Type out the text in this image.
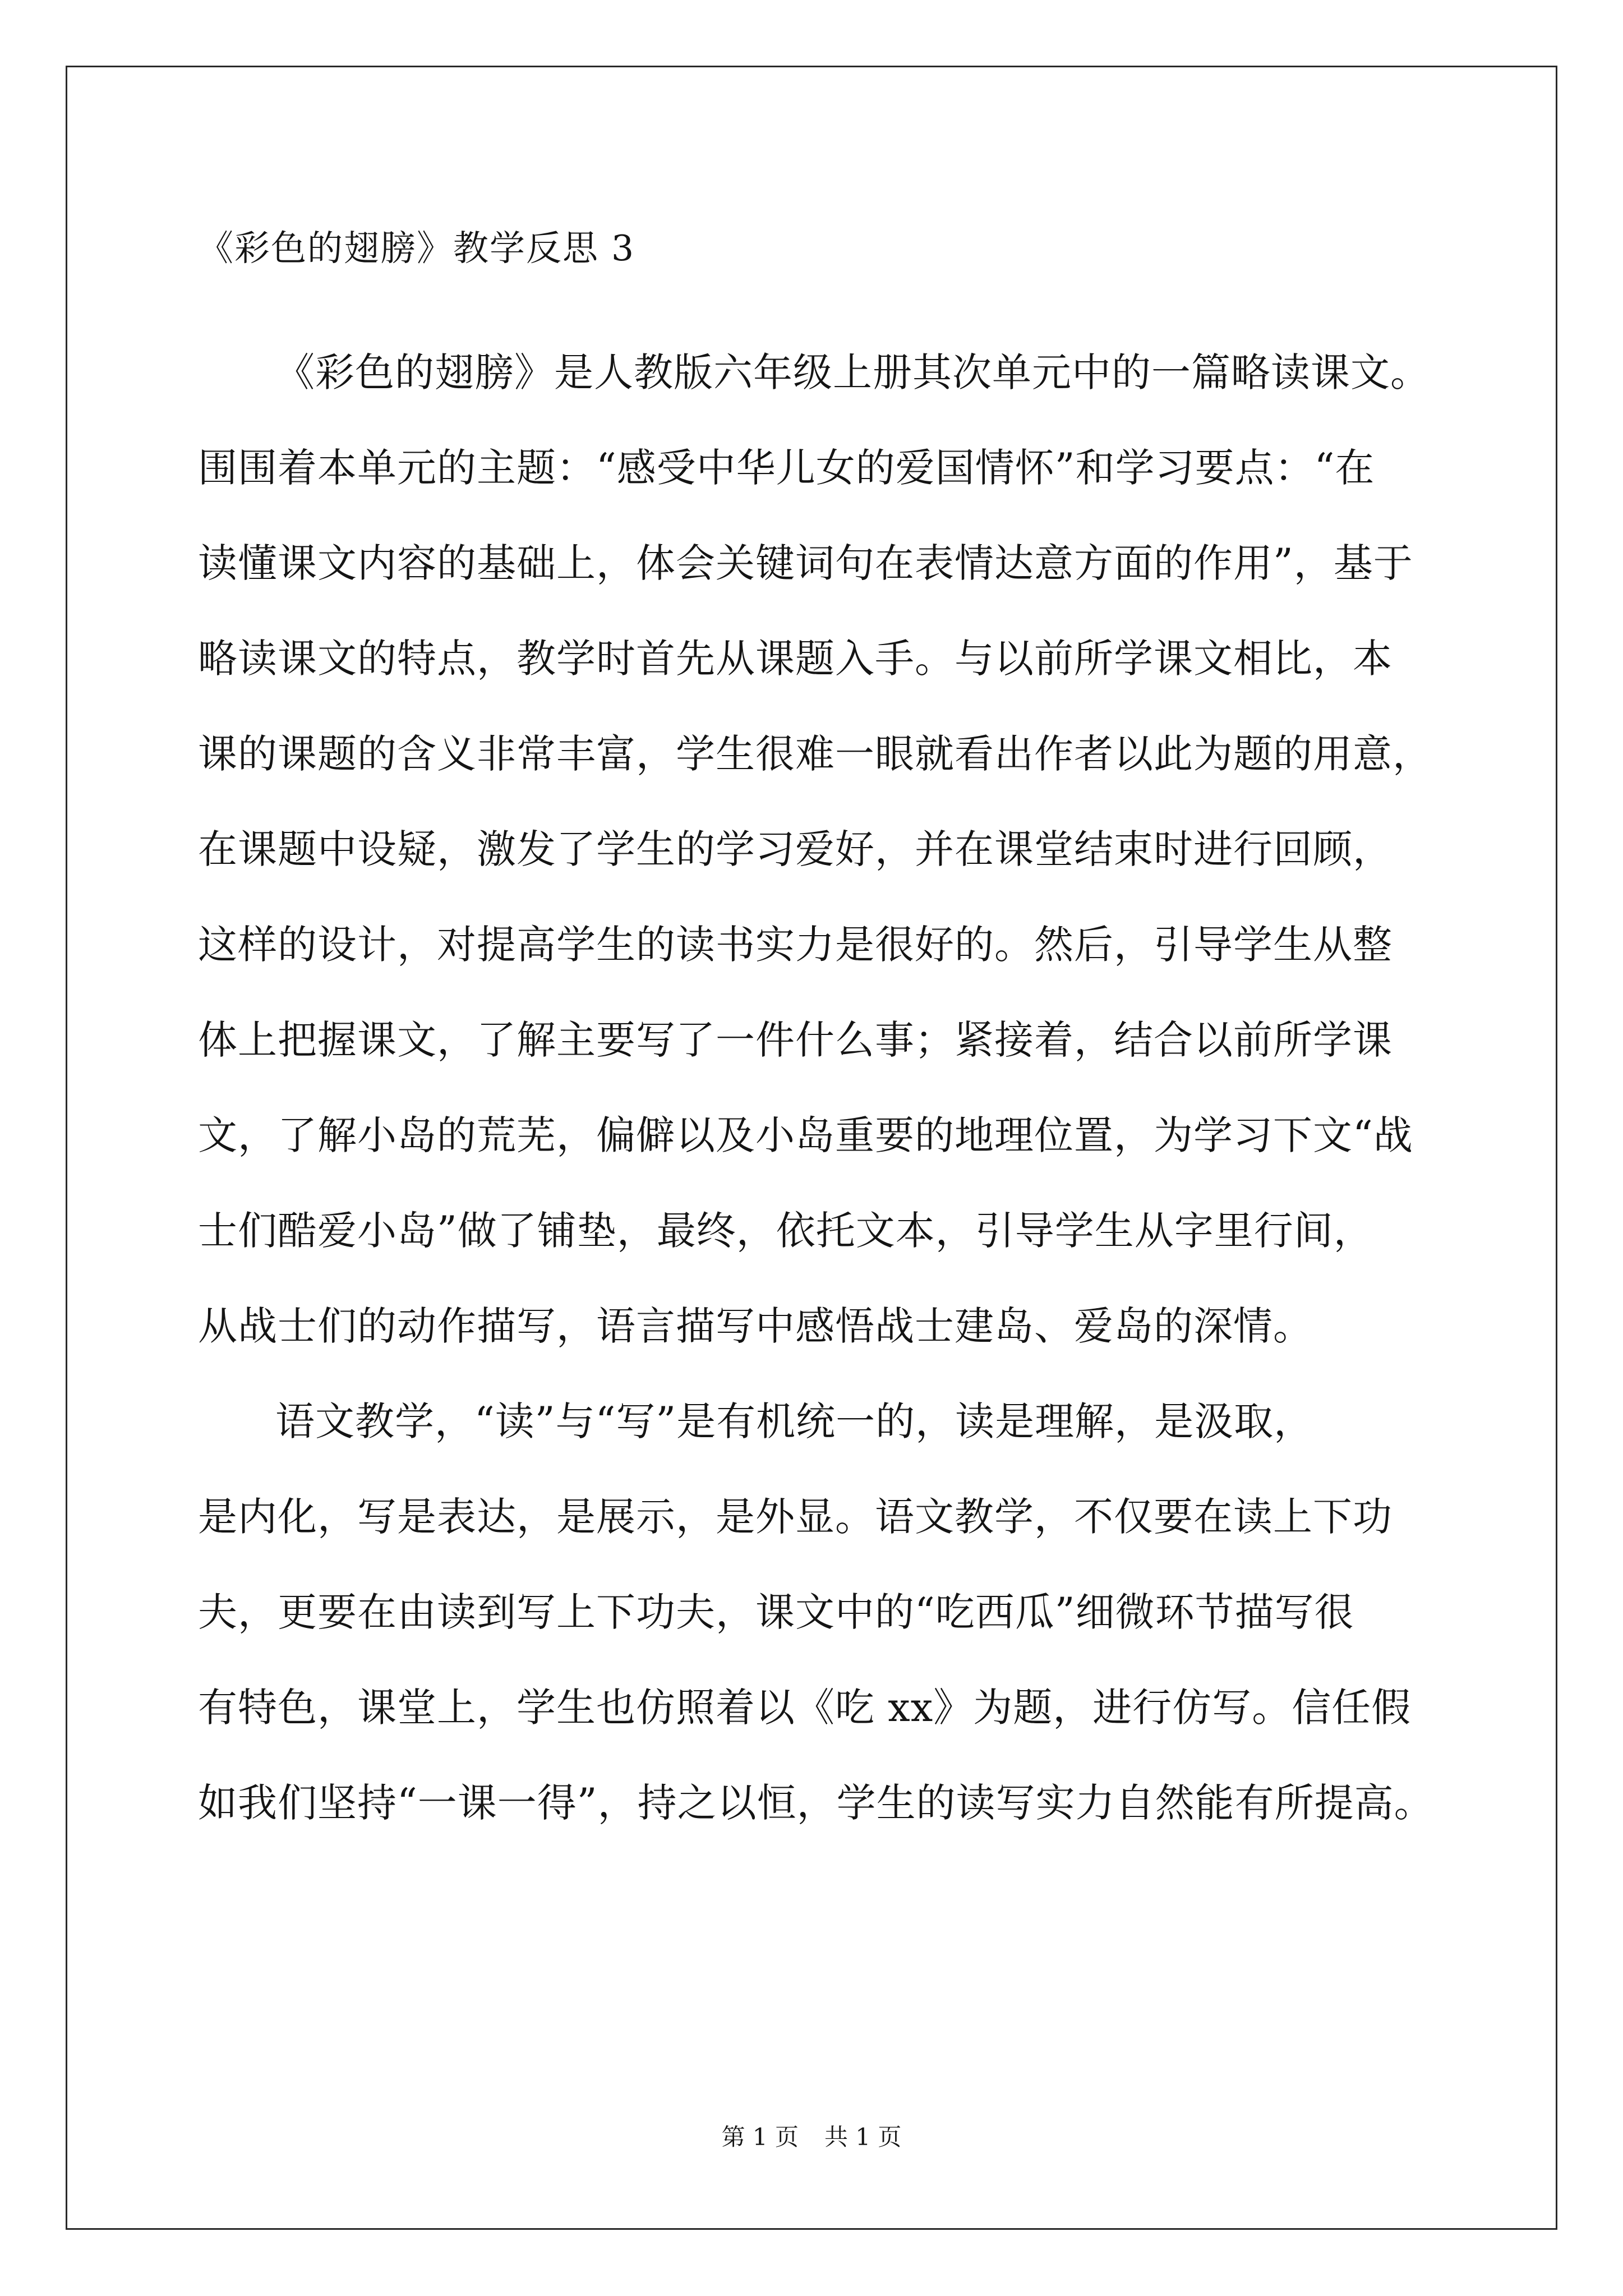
《彩色的翅膀》教学反思 3
《彩色的翅膀》是人教版六年级上册其次单元中的一篇略读课文。
围围着本单元的主题：“感受中华儿女的爱国情怀”和学习要点：“在
读懂课文内容的基础上，体会关键词句在表情达意方面的作用”，基于
略读课文的特点，教学时首先从课题入手。与以前所学课文相比，本
课的课题的含义非常丰富，学生很难一眼就看出作者以此为题的用意，
在课题中设疑，激发了学生的学习爱好，并在课堂结束时进行回顾，
这样的设计，对提高学生的读书实力是很好的。然后，引导学生从整
体上把握课文，了解主要写了一件什么事；紧接着，结合以前所学课
文，了解小岛的荒芜，偏僻以及小岛重要的地理位置，为学习下文“战
士们酷爱小岛”做了铺垫，最终，依托文本，引导学生从字里行间，
从战士们的动作描写，语言描写中感悟战士建岛、爱岛的深情。
语文教学，“读”与“写”是有机统一的，读是理解，是汲取，
是内化，写是表达，是展示，是外显。语文教学，不仅要在读上下功
夫，更要在由读到写上下功夫，课文中的“吃西瓜”细微环节描写很
有特色，课堂上，学生也仿照着以《吃 xx》为题，进行仿写。信任假
如我们坚持“一课一得”，持之以恒，学生的读写实力自然能有所提高。
第 1 页 共 1 页
